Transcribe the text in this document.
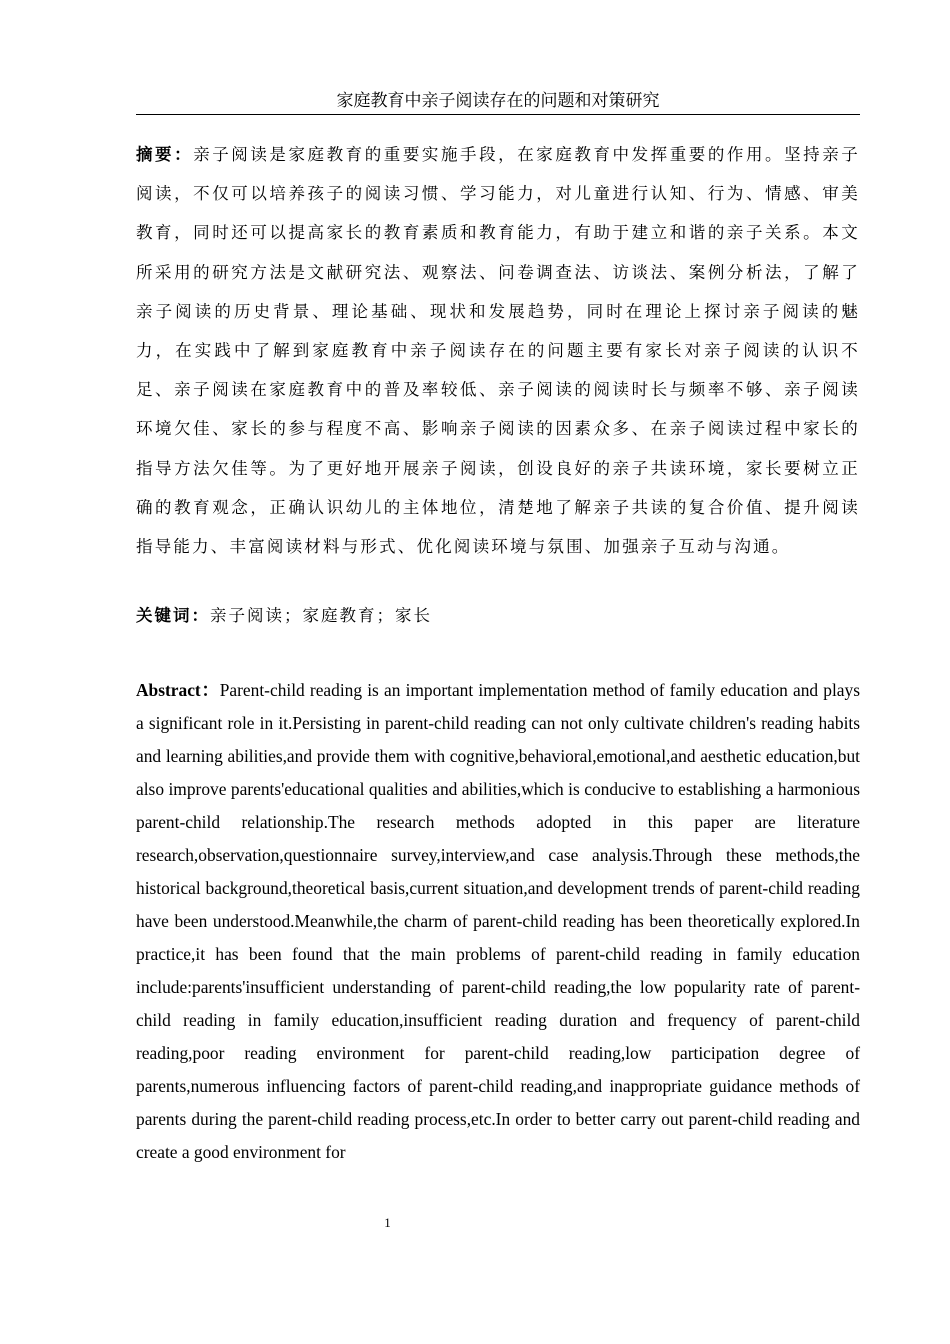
家庭教育中亲子阅读存在的问题和对策研究
摘要：亲子阅读是家庭教育的重要实施手段，在家庭教育中发挥重要的作用。坚持亲子阅读，不仅可以培养孩子的阅读习惯、学习能力，对儿童进行认知、行为、情感、审美教育，同时还可以提高家长的教育素质和教育能力，有助于建立和谐的亲子关系。本文所采用的研究方法是文献研究法、观察法、问卷调查法、访谈法、案例分析法，了解了亲子阅读的历史背景、理论基础、现状和发展趋势，同时在理论上探讨亲子阅读的魅力，在实践中了解到家庭教育中亲子阅读存在的问题主要有家长对亲子阅读的认识不足、亲子阅读在家庭教育中的普及率较低、亲子阅读的阅读时长与频率不够、亲子阅读环境欠佳、家长的参与程度不高、影响亲子阅读的因素众多、在亲子阅读过程中家长的指导方法欠佳等。为了更好地开展亲子阅读，创设良好的亲子共读环境，家长要树立正确的教育观念，正确认识幼儿的主体地位，清楚地了解亲子共读的复合价值、提升阅读指导能力、丰富阅读材料与形式、优化阅读环境与氛围、加强亲子互动与沟通。
关键词：亲子阅读；家庭教育；家长
Abstract：Parent-child reading is an important implementation method of family education and plays a significant role in it.Persisting in parent-child reading can not only cultivate children's reading habits and learning abilities,and provide them with cognitive,behavioral,emotional,and aesthetic education,but also improve parents'educational qualities and abilities,which is conducive to establishing a harmonious parent-child relationship.The research methods adopted in this paper are literature research,observation,questionnaire survey,interview,and case analysis.Through these methods,the historical background,theoretical basis,current situation,and development trends of parent-child reading have been understood.Meanwhile,the charm of parent-child reading has been theoretically explored.In practice,it has been found that the main problems of parent-child reading in family education include:parents'insufficient understanding of parent-child reading,the low popularity rate of parent-child reading in family education,insufficient reading duration and frequency of parent-child reading,poor reading environment for parent-child reading,low participation degree of parents,numerous influencing factors of parent-child reading,and inappropriate guidance methods of parents during the parent-child reading process,etc.In order to better carry out parent-child reading and create a good environment for
1
